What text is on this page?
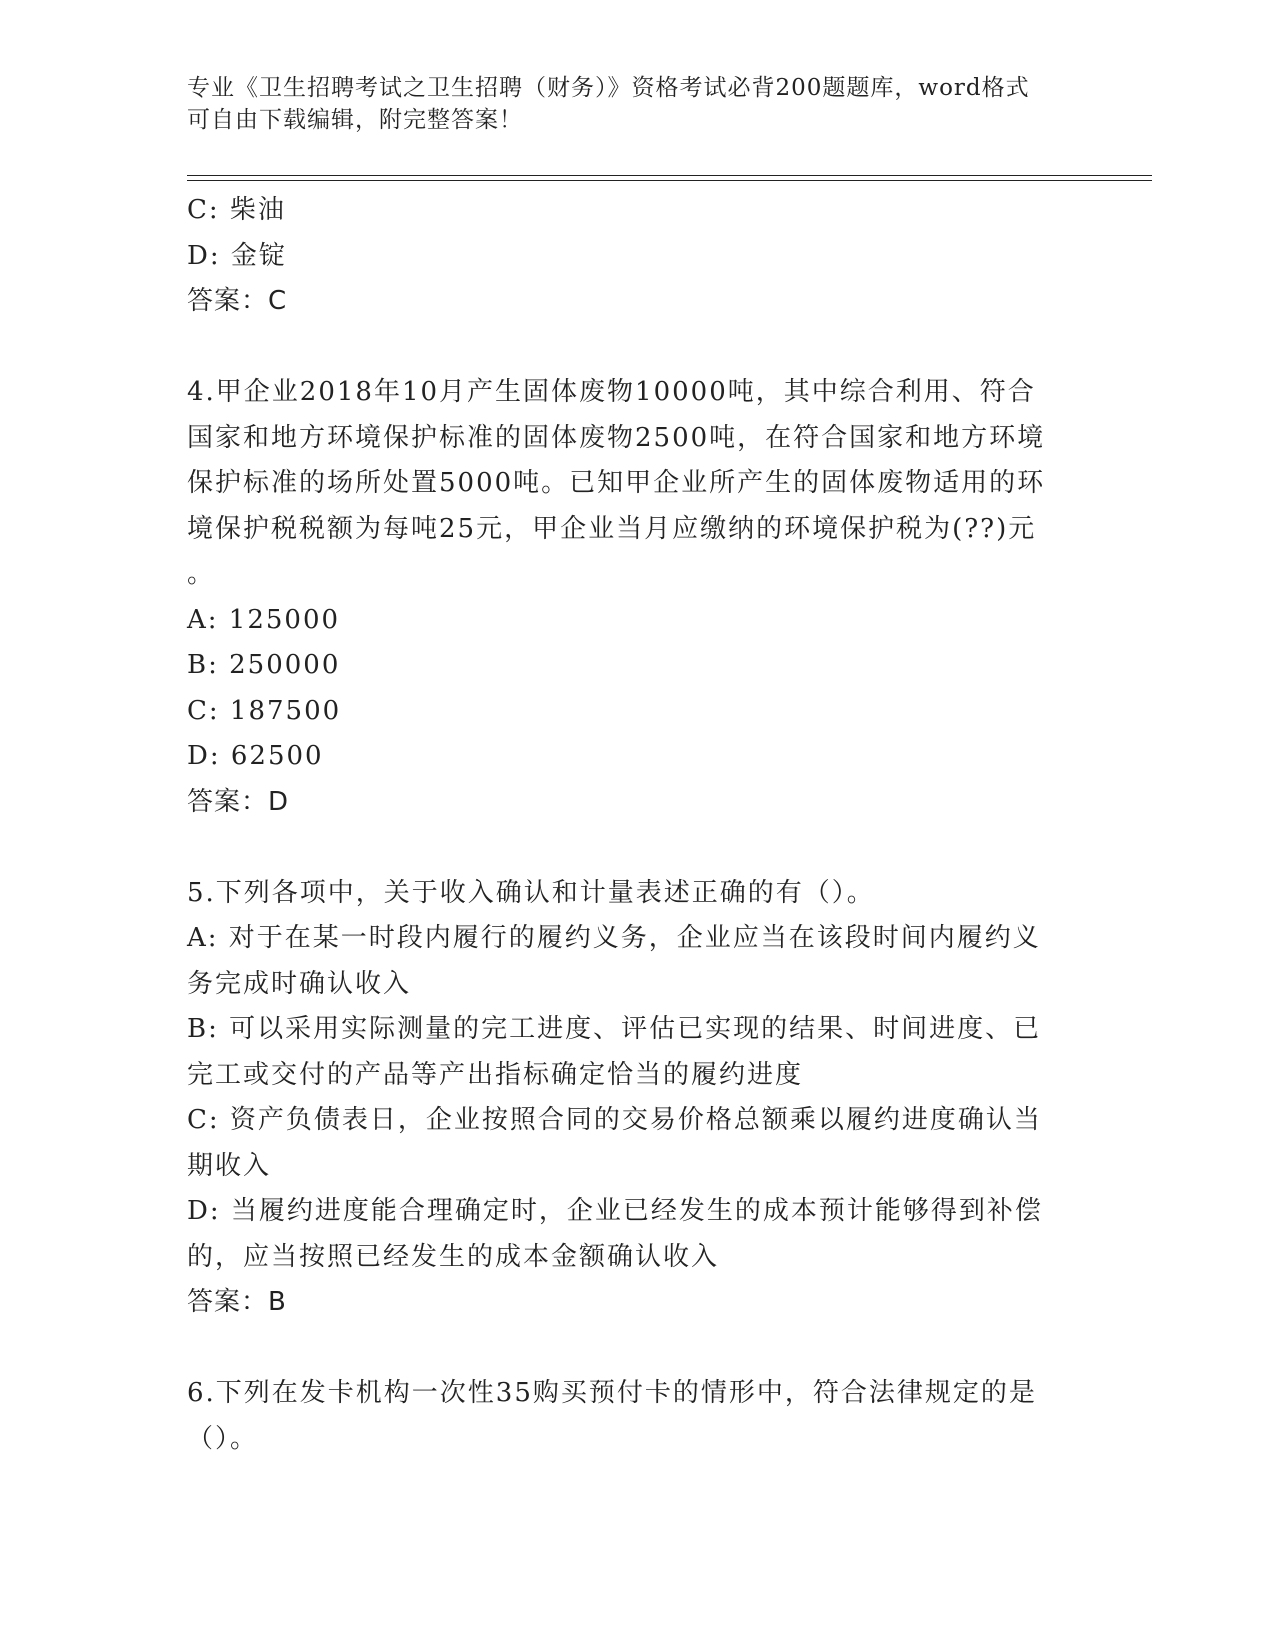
专业《卫生招聘考试之卫生招聘（财务）》资格考试必背200题题库，word格式
可自由下载编辑，附完整答案！
C: 柴油
D: 金锭
答案：C
4.甲企业2018年10月产生固体废物10000吨，其中综合利用、符合
国家和地方环境保护标准的固体废物2500吨，在符合国家和地方环境
保护标准的场所处置5000吨。已知甲企业所产生的固体废物适用的环
境保护税税额为每吨25元，甲企业当月应缴纳的环境保护税为(??)元
。
A: 125000
B: 250000
C: 187500
D: 62500
答案：D
5.下列各项中，关于收入确认和计量表述正确的有（）。
A: 对于在某一时段内履行的履约义务，企业应当在该段时间内履约义
务完成时确认收入
B: 可以采用实际测量的完工进度、评估已实现的结果、时间进度、已
完工或交付的产品等产出指标确定恰当的履约进度
C: 资产负债表日，企业按照合同的交易价格总额乘以履约进度确认当
期收入
D: 当履约进度能合理确定时，企业已经发生的成本预计能够得到补偿
的，应当按照已经发生的成本金额确认收入
答案：B
6.下列在发卡机构一次性35购买预付卡的情形中，符合法律规定的是
（）。
